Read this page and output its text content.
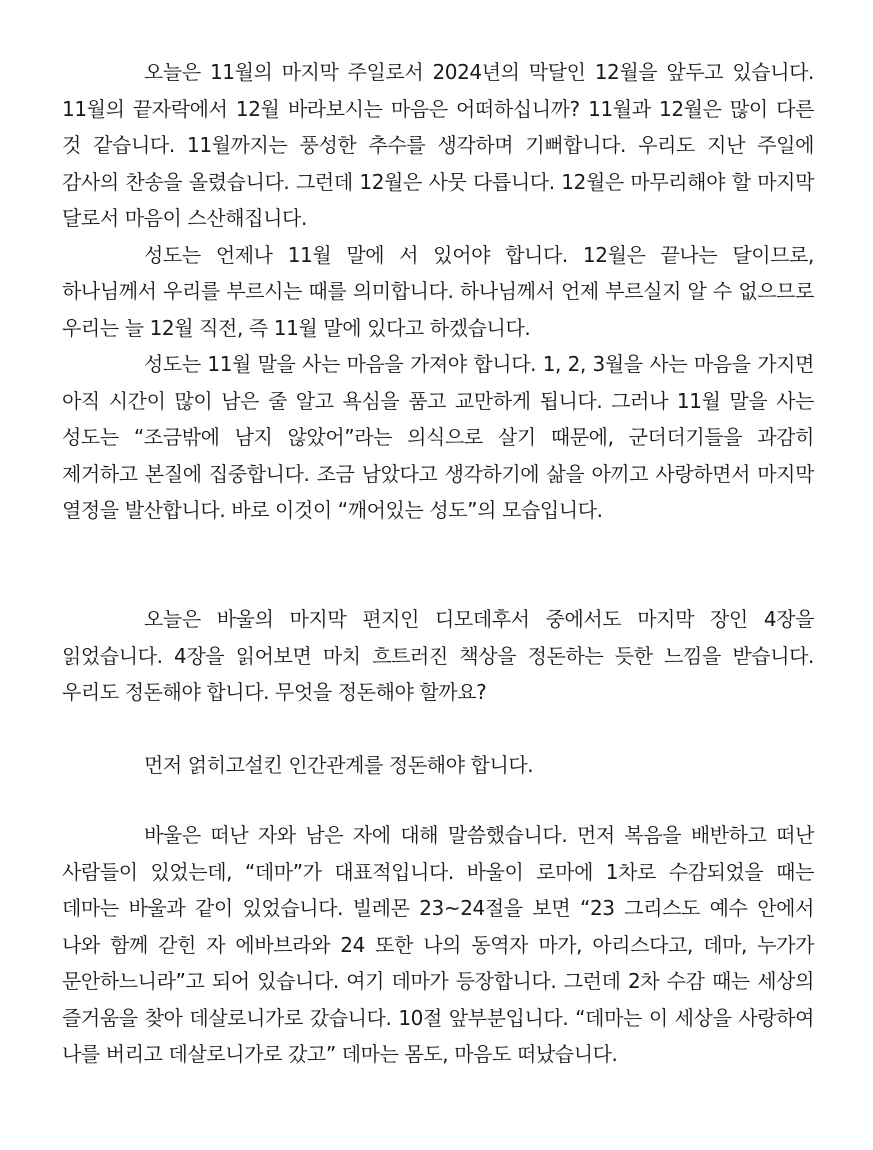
오늘은 11월의 마지막 주일로서 2024년의 막달인 12월을 앞두고 있습니다. 11월의 끝자락에서 12월 바라보시는 마음은 어떠하십니까? 11월과 12월은 많이 다른 것 같습니다. 11월까지는 풍성한 추수를 생각하며 기뻐합니다. 우리도 지난 주일에 감사의 찬송을 올렸습니다. 그런데 12월은 사뭇 다릅니다. 12월은 마무리해야 할 마지막 달로서 마음이 스산해집니다.

성도는 언제나 11월 말에 서 있어야 합니다. 12월은 끝나는 달이므로, 하나님께서 우리를 부르시는 때를 의미합니다. 하나님께서 언제 부르실지 알 수 없으므로 우리는 늘 12월 직전, 즉 11월 말에 있다고 하겠습니다.

성도는 11월 말을 사는 마음을 가져야 합니다. 1, 2, 3월을 사는 마음을 가지면 아직 시간이 많이 남은 줄 알고 욕심을 품고 교만하게 됩니다. 그러나 11월 말을 사는 성도는 “조금밖에 남지 않았어”라는 의식으로 살기 때문에, 군더더기들을 과감히 제거하고 본질에 집중합니다. 조금 남았다고 생각하기에 삶을 아끼고 사랑하면서 마지막 열정을 발산합니다. 바로 이것이 “깨어있는 성도”의 모습입니다.

오늘은 바울의 마지막 편지인 디모데후서 중에서도 마지막 장인 4장을 읽었습니다. 4장을 읽어보면 마치 흐트러진 책상을 정돈하는 듯한 느낌을 받습니다. 우리도 정돈해야 합니다. 무엇을 정돈해야 할까요?

먼저 얽히고설킨 인간관계를 정돈해야 합니다.

바울은 떠난 자와 남은 자에 대해 말씀했습니다. 먼저 복음을 배반하고 떠난 사람들이 있었는데, “데마”가 대표적입니다. 바울이 로마에 1차로 수감되었을 때는 데마는 바울과 같이 있었습니다. 빌레몬 23~24절을 보면 “23 그리스도 예수 안에서 나와 함께 갇힌 자 에바브라와 24 또한 나의 동역자 마가, 아리스다고, 데마, 누가가 문안하느니라”고 되어 있습니다. 여기 데마가 등장합니다. 그런데 2차 수감 때는 세상의 즐거움을 찾아 데살로니가로 갔습니다. 10절 앞부분입니다. “데마는 이 세상을 사랑하여 나를 버리고 데살로니가로 갔고” 데마는 몸도, 마음도 떠났습니다.
